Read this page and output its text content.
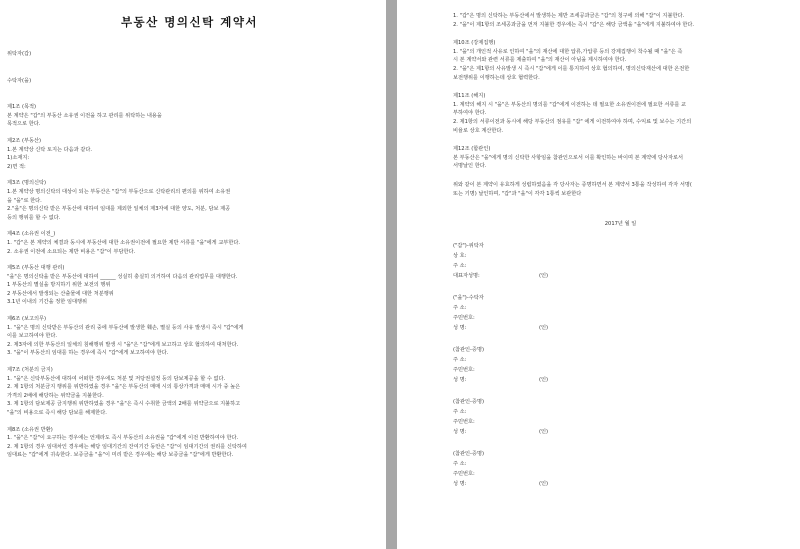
부동산 명의신탁 계약서
위탁자(갑)
수탁자(을)
제1조 (목적)
본 계약은 "갑"의 부동산 소유권 이전을 하고 관리를 위탁하는 내용을
목적으로 한다.
제2조 (부동산)
1.본 계약상 신탁 토지는 다음과 같다.
1)소재지:
2)면 적:
제3조 (명의신탁)
1.본 계약상 명의신탁의 대상이 되는 부동산은 "갑"의 부동산으로 신탁관리의 편의를 위하여 소유권
을 "을"로 한다.
2."을"은 명의신탁 받은 부동산에 대하여 임대를 제외한 일체의 제3자에 대한 양도, 처분, 담보 제공
등의 행위를 할 수 없다.
제4조 (소유권 이전_)
1. "갑"은 본 계약의 체결과 동시에 부동산에 대한 소유권이전에 필요한 제반 서류를 "을"에게 교부한다.
2. 소유권 이전에 소요되는 제반 비용은 "갑"이 부담한다.
제5조 (부동산 대행 관리)
"을"은 명의신탁을 받은 부동산에 대하여 ______ 성실히 충실히 의거하여 다음의 관리업무를 대행한다.
1 부동산의 멸실을 방지하기 위한 보전의 행위
2 부동산에서 발생되는 산출물에 대한 처분행위
3.1년 이내의 기간을 정한 임대행위
제6조 (보고의무)
1. "을"은 명의 신탁받은 부동산의 관리 중에 부동산에 발생한 훼손, 멸실 등의 사유 발생시 즉시 "갑"에게
이를 보고하여야 한다.
2. 제3자에 의한 부동산의 일체의 침해행위 발생 시 "을"은 "갑"에게 보고하고 상호 협의하여 대처한다.
3. "을"이 부동산의 임대를 하는 경우에 즉시 "갑"에게 보고하여야 한다.
제7조 (처분의 금지)
1. "을"은 신탁부동산에 대하여 어떠한 경우에도 처분 및 저당권설정 등의 담보제공을 할 수 없다.
2. 제 1항의 처분금지 행위를 위반하였을 경우 "을"은 부동산의 매매 시의 통상가격과 매매 시가 중 높은
가격의 2배에 해당하는 위약금을 지불한다.
3. 제 1항의 담보제공 금지행위 위반하였을 경우 "을"은 즉시 수취한 금액의 2배를 위약금으로 지불하고
"을"의 비용으로 즉시 해당 담보를 해제한다.
제8조 (소유권 반환)
1. "을"은 "갑"이 요구하는 경우에는 언제라도 즉시 부동산의 소유권을 "갑"에게 이전 반환하여야 한다.
2. 제 1항의 경우 임대차인 경우에는 해당 임대기간의 잔여기간 동안은 "갑"이 임대기간의 권리를 신탁하여
임대료는 "갑"에게 귀속한다. 보증금을 "을"이 미리 받은 경우에는 해당 보증금을 "갑"에게 반환한다.
1. "갑"은 명의 신탁하는 부동산에서 발생하는 제반 조세공과금은 "갑"의 청구에 의해 "갑"이 지불한다.
2. "을"이 제1항의 조세공과금을 먼저 지불한 경우에는 즉시 "갑"은 해당 금액을 "을"에게 지불하여야 한다.
제10조 (강제집행)
1. "을"의 개인적 사유로 인하여 "을"의 재산에 대한 압류,가압류 등의 강제집행이 착수될 때 "을"은 즉
시 본 계약서와 관련 서류를 제출하여 "을"의 재산이 아님을 제시하여야 한다.
2. "을"은 제1항의 사유발생 시 즉시 "갑"에게 이를 통지하여 상호 협의하여, 명의신탁재산에 대한 온전한
보전행위를 이행하는데 상호 협력한다.
제11조 (해지)
1. 계약의 해지 시 "을"은 부동산의 명의를 "갑"에게 이전하는 데 필요한 소유권이전에 필요한 서류를 교
부하여야 한다.
2. 제1항의 서류이전과 동시에 해당 부동산의 점유를 "갑" 에게 이전하여야 하며, 수익료 및 보수는 기간의
비율로 상호 계산한다.
제12조 (합관인)
본 부동산은 "을"에게 명의 신탁한 사항임을 참관인으로서 이를 확인하는 바이며 본 계약에 당사자로서
서명날인 한다.
위와 같이 본 계약이 유효하게 성립하였음을 각 당사자는 증명하면서 본 계약서 3통을 작성하여 각자 서명(
또는 기명) 날인하며, "갑"과 "을"이 각각 1통씩 보관한다
2017년 월 일
("갑")-위탁자
상 호:
주 소:
대표자성명:	(인)
("을")-수탁자
주 소:
주민번호:
성 명:	(인)
(참관인-증명)
주 소:
주민번호:
성 명:	(인)
(참관인-증명)
주 소:
주민번호:
성 명:	(인)
(참관인-증명)
주 소:
주민번호:
성 명:	(인)
